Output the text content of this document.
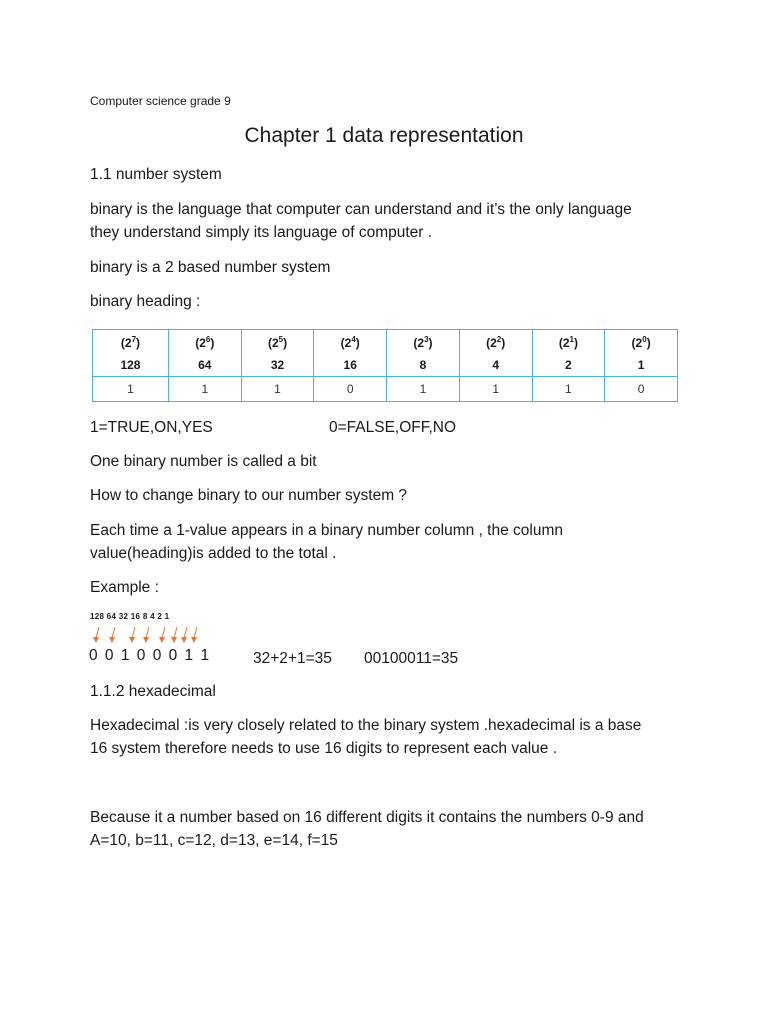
Computer science grade 9
Chapter 1 data representation
1.1 number system
binary is the language that computer can understand and it’s the only language
they understand simply its language of computer .
binary is a 2 based number system
binary heading :
$(2^7)$	$(2^6)$	$(2^5)$	$(2^4)$	$(2^3)$	$(2^2)$	$(2^1)$	$(2^0)$
128	64	32	16	8	4	2	1
1	1	1	0	1	1	1	0
1=TRUE,ON,YES	0=FALSE,OFF,NO
One binary number is called a bit
How to change binary to our number system ?
Each time a 1-value appears in a binary number column , the column
value(heading)is added to the total .
Example :
128 64 32 16 8 4 2 1
0 0 1 0 0 0 1 1	32+2+1=35 00100011=35
1.1.2 hexadecimal
Hexadecimal :is very closely related to the binary system .hexadecimal is a base
16 system therefore needs to use 16 digits to represent each value .
Because it a number based on 16 different digits it contains the numbers 0-9 and
A=10, b=11, c=12, d=13, e=14, f=15
